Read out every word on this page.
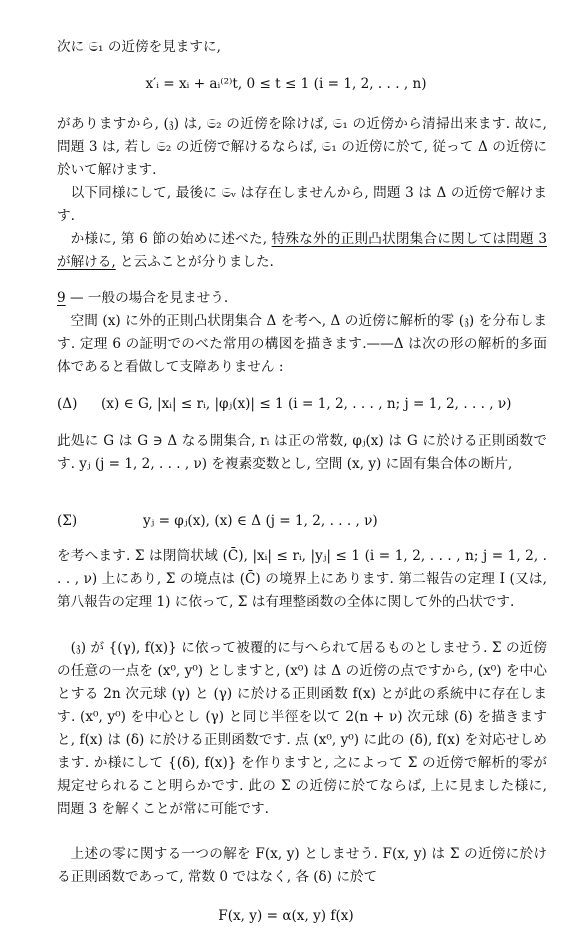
次に 𝔖₁ の近傍を見ますに,
x′ᵢ = xᵢ + aᵢ⁽²⁾t, 0 ≤ t ≤ 1 (i = 1, 2, . . . , n)
がありますから, (𝔷) は, 𝔖₂ の近傍を除けば, 𝔖₁ の近傍から清掃出来ます. 故に, 問題 3 は, 若し 𝔖₂ の近傍で解けるならば, 𝔖₁ の近傍に於て, 従って Δ の近傍に於いて解けます.
以下同様にして, 最後に 𝔖ᵥ は存在しませんから, 問題 3 は Δ の近傍で解けます.
か様に, 第 6 節の始めに述べた, 特殊な外的正則凸状閉集合に関しては問題 3 が解ける, と云ふことが分りました.
9 — 一般の場合を見ませう.
空間 (x) に外的正則凸状閉集合 Δ を考へ, Δ の近傍に解析的零 (𝔷) を分布します. 定理 6 の証明でのべた常用の構図を描きます.——Δ は次の形の解析的多面体であると看做して支障ありません :
(Δ) (x) ∈ G, |xᵢ| ≤ rᵢ, |φⱼ(x)| ≤ 1 (i = 1, 2, . . . , n; j = 1, 2, . . . , ν)
此処に G は G ∋ Δ なる開集合, rᵢ は正の常数, φⱼ(x) は G に於ける正則函数です. yⱼ (j = 1, 2, . . . , ν) を複素変数とし, 空間 (x, y) に固有集合体の断片,
(Σ)	yⱼ = φⱼ(x), (x) ∈ Δ (j = 1, 2, . . . , ν)
を考へます. Σ は閉筒状域 (C̄), |xᵢ| ≤ rᵢ, |yⱼ| ≤ 1 (i = 1, 2, . . . , n; j = 1, 2, . . . , ν) 上にあり, Σ の境点は (C̄) の境界上にあります. 第二報告の定理 I (又は, 第八報告の定理 1) に依って, Σ は有理整函数の全体に関して外的凸状です.
(𝔷) が {(γ), f(x)} に依って被覆的に与へられて居るものとしませう. Σ の近傍の任意の一点を (x⁰, y⁰) としますと, (x⁰) は Δ の近傍の点ですから, (x⁰) を中心とする 2n 次元球 (γ) と (γ) に於ける正則函数 f(x) とが此の系統中に存在します. (x⁰, y⁰) を中心とし (γ) と同じ半徑を以て 2(n + ν) 次元球 (δ) を描きますと, f(x) は (δ) に於ける正則函数です. 点 (x⁰, y⁰) に此の (δ), f(x) を対応せしめます. か様にして {(δ), f(x)} を作りますと, 之によって Σ の近傍で解析的零が規定せられること明らかです. 此の Σ の近傍に於てならば, 上に見ました様に, 問題 3 を解くことが常に可能です.
上述の零に関する一つの解を F(x, y) としませう. F(x, y) は Σ の近傍に於ける正則函数であって, 常数 0 ではなく, 各 (δ) に於て
F(x, y) = α(x, y) f(x)
